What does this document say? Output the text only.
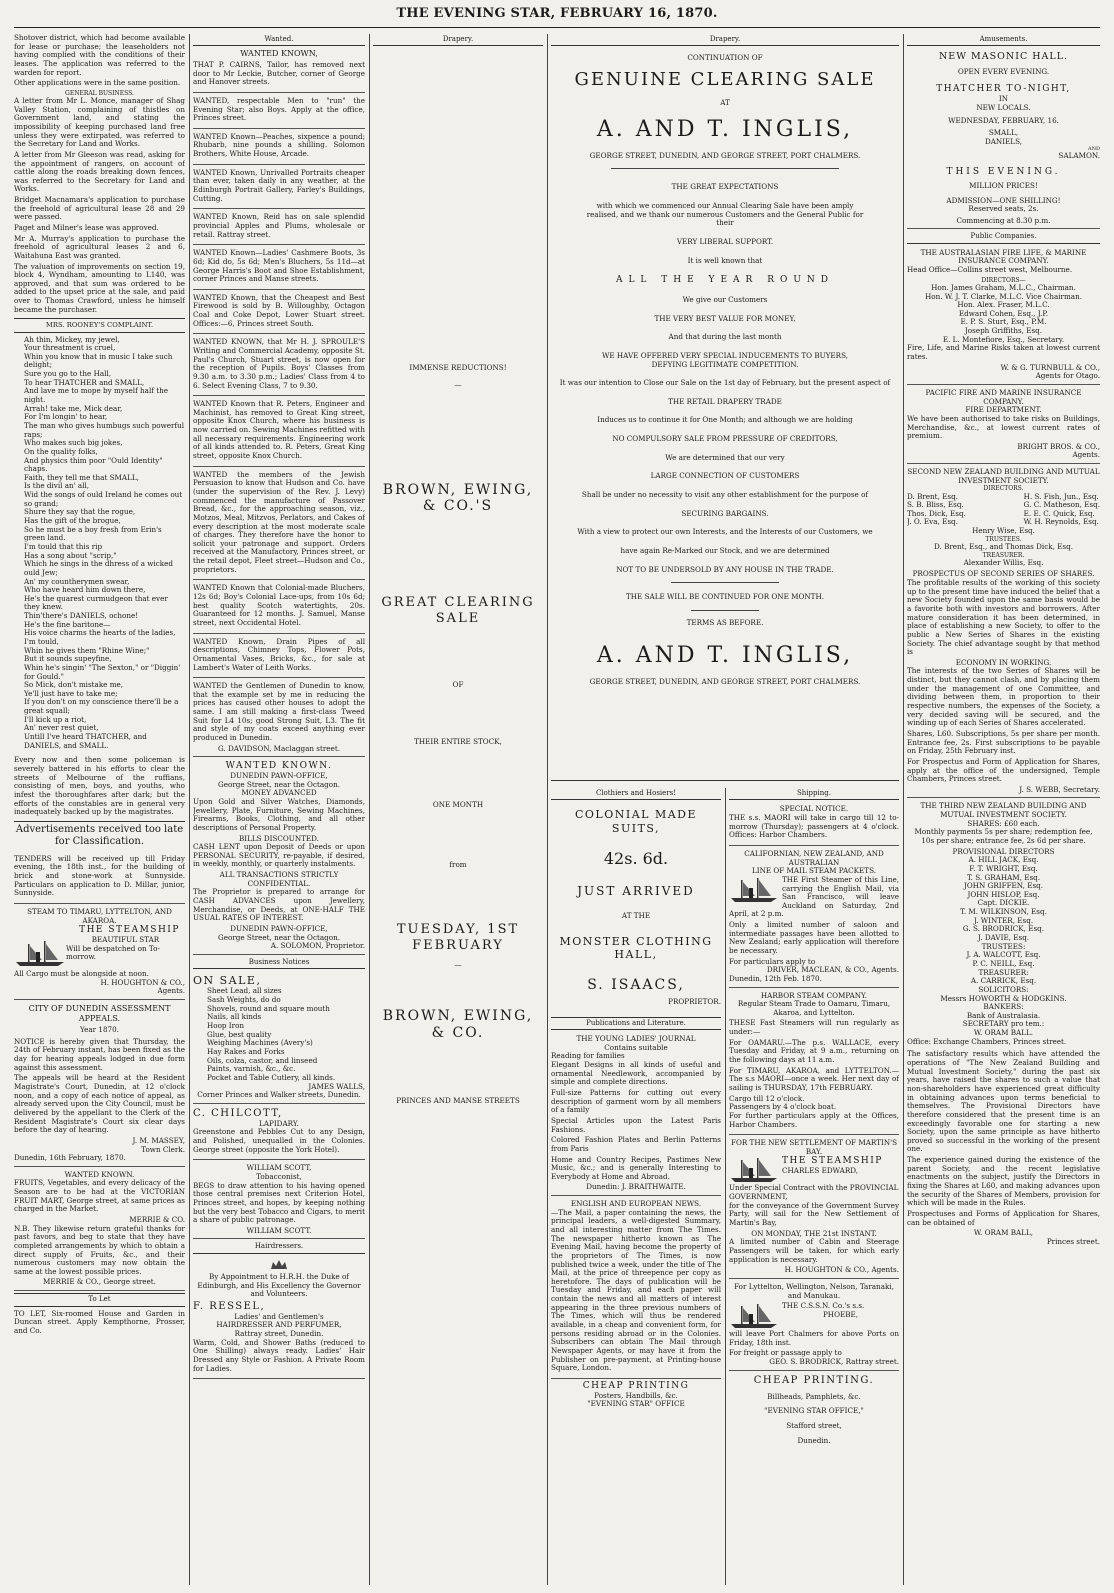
THE EVENING STAR, FEBRUARY 16, 1870.

Shotover district, which had become available for lease or purchase; the leaseholders not having complied with the conditions of their leases. The application was referred to the warden for report.

Other applications were in the same position.

GENERAL BUSINESS.

A letter from Mr L. Monce, manager of Shag Valley Station, complaining of thistles on Government land, and stating the impossibility of keeping purchased land free unless they were extirpated, was referred to the Secretary for Land and Works.

A letter from Mr Gleeson was read, asking for the appointment of rangers, on account of cattle along the roads breaking down fences, was referred to the Secretary for Land and Works.

Bridget Macnamara's application to purchase the freehold of agricultural lease 28 and 29 were passed.

Paget and Milner's lease was approved.

Mr A. Murray's application to purchase the freehold of agricultural leases 2 and 6, Waitahuna East was granted.

The valuation of improvements on section 19, block 4, Wyndham, amounting to L140, was approved, and that sum was ordered to be added to the upset price at the sale, and paid over to Thomas Crawford, unless he himself became the purchaser.

MRS. ROONEY'S COMPLAINT.
Ah thin, Mickey, my jewel,
Your threatment is cruel,
Whin you know that in music I take such delight;
Sure you go to the Hall,
To hear THATCHER and SMALL,
And lave me to mope by myself half the night.
Arrah! take me, Mick dear,
For I'm longin' to hear,
The man who gives humbugs such powerful raps;
Who makes such big jokes,
On the quality folks,
And physics thim poor "Ould Identity" chaps.
Faith, they tell me that SMALL,
Is the divil an' all,
Wid the songs of ould Ireland he comes out so grand;
Shure they say that the rogue,
Has the gift of the brogue,
So he must be a boy fresh from Erin's green land.
I'm tould that this rip
Has a song about "scrip,"
Which he sings in the dhress of a wicked ould Jew;
An' my countherymen swear,
Who have heard him down there,
He's the quarest curmudgeon that ever they knew.
Thin'there's DANIELS, ochone!
He's the fine baritone—
His voice charms the hearts of the ladies, I'm tould,
Whin he gives them "Rhine Wine;"
But it sounds supeyfine,
Whin he's singin' "The Sexton," or "Diggin' for Gould."
So Mick, don't mistake me,
Ye'll just have to take me;
If you don't on my conscience there'll be a great squall;
I'll kick up a riot,
An' never rest quiet,
Untill I've heard THATCHER, and DANIELS, and SMALL.

Every now and then some policeman is severely battered in his efforts to clear the streets of Melbourne of the ruffians, consisting of men, boys, and youths, who infest the thoroughfares after dark; but the efforts of the constables are in general very inadequately backed up by the magistrates.

Advertisements received too late for Classification.

TENDERS will be received up till Friday evening, the 18th inst., for the building of brick and stone-work at Sunnyside. Particulars on application to D. Millar, junior, Sunnyside.

STEAM TO TIMARU, LYTTELTON, AND AKAROA.
THE STEAMSHIP
BEAUTIFUL STAR
Will be despatched on To-morrow.
All Cargo must be alongside at noon.
H. HOUGHTON & CO.,
Agents.
CITY OF DUNEDIN ASSESSMENT APPEALS.
Year 1870.

NOTICE is hereby given that Thursday, the 24th of February instant, has been fixed as the day for hearing appeals lodged in due form against this assessment.

The appeals will be heard at the Resident Magistrate's Court, Dunedin, at 12 o'clock noon, and a copy of each notice of appeal, as already served upon the City Council, must be delivered by the appellant to the Clerk of the Resident Magistrate's Court six clear days before the day of hearing.

J. M. MASSEY,
Town Clerk.
Dunedin, 16th February, 1870.
WANTED KNOWN.

FRUITS, Vegetables, and every delicacy of the Season are to be had at the VICTORIAN FRUIT MART, George street, at same prices as charged in the Market.

MERRIE & CO.

N.B. They likewise return grateful thanks for past favors, and beg to state that they have completed arrangements by which to obtain a direct supply of Fruits, &c., and their numerous customers may now obtain the same at the lowest possible prices.

MERRIE & CO., George street.
To Let

TO LET, Six-roomed House and Garden in Duncan street. Apply Kempthorne, Prosser, and Co.

Wanted.
WANTED KNOWN,

THAT P. CAIRNS, Tailor, has removed next door to Mr Leckie, Butcher, corner of George and Hanover streets.

WANTED, respectable Men to "run" the Evening Star; also Boys. Apply at the office, Princes street.

WANTED Known—Peaches, sixpence a pound; Rhubarb, nine pounds a shilling. Solomon Brothers, White House, Arcade.

WANTED Known, Unrivalled Portraits cheaper than ever, taken daily in any weather, at the Edinburgh Portrait Gallery, Farley's Buildings, Cutting.

WANTED Known, Reid has on sale splendid provincial Apples and Plums, wholesale or retail. Rattray street.

WANTED Known—Ladies' Cashmere Boots, 3s 6d; Kid do, 5s 6d; Men's Bluchers, 5s 11d—at George Harris's Boot and Shoe Establishment, corner Princes and Manse streets.

WANTED Known, that the Cheapest and Best Firewood is sold by B. Willoughby, Octagon Coal and Coke Depot, Lower Stuart street. Offices:—6, Princes street South.

WANTED KNOWN, that Mr H. J. SPROULE'S Writing and Commercial Academy, opposite St. Paul's Church, Stuart street, is now open for the reception of Pupils. Boys' Classes from 9.30 a.m. to 3.30 p.m.; Ladies' Class from 4 to 6. Select Evening Class, 7 to 9.30.

WANTED Known that R. Peters, Engineer and Machinist, has removed to Great King street, opposite Knox Church, where his business is now carried on. Sewing Machines refitted with all necessary requirements. Engineering work of all kinds attended to. R. Peters, Great King street, opposite Knox Church.

WANTED the members of the Jewish Persuasion to know that Hudson and Co. have (under the supervision of the Rev. J. Levy) commenced the manufacture of Passover Bread, &c., for the approaching season, viz., Motzos, Meal, Mitzvos, Perlators, and Cakes of every description at the most moderate scale of charges. They therefore have the honor to solicit your patronage and support. Orders received at the Manufactory, Princes street, or the retail depot, Fleet street—Hudson and Co., proprietors.

WANTED Known that Colonial-made Bluchers, 12s 6d; Boy's Colonial Lace-ups, from 10s 6d; best quality Scotch watertights, 20s. Guaranteed for 12 months. J. Samuel, Manse street, next Occidental Hotel.

WANTED Known, Drain Pipes of all descriptions, Chimney Tops, Flower Pots, Ornamental Vases, Bricks, &c., for sale at Lambert's Water of Leith Works.

WANTED the Gentlemen of Dunedin to know, that the example set by me in reducing the prices has caused other houses to adopt the same. I am still making a first-class Tweed Suit for L4 10s; good Strong Suit, L3. The fit and style of my coats exceed anything ever produced in Dunedin.

G. DAVIDSON, Maclaggan street.
WANTED KNOWN.
DUNEDIN PAWN-OFFICE,
George Street, near the Octagon.
MONEY ADVANCED

Upon Gold and Silver Watches, Diamonds, Jewellery, Plate, Furniture, Sewing Machines, Firearms, Books, Clothing, and all other descriptions of Personal Property.

BILLS DISCOUNTED.

CASH LENT upon Deposit of Deeds or upon PERSONAL SECURITY, re-payable, if desired, in weekly, monthly, or quarterly instalments.

ALL TRANSACTIONS STRICTLY CONFIDENTIAL.

The Proprietor is prepared to arrange for CASH ADVANCES upon Jewellery, Merchandise, or Deeds, at ONE-HALF THE USUAL RATES OF INTEREST.

DUNEDIN PAWN-OFFICE,
George Street, near the Octagon.
A. SOLOMON, Proprietor.
Business Notices
ON SALE,
Sheet Lead, all sizes
Sash Weights, do do
Shovels, round and square mouth
Nails, all kinds
Hoop Iron
Glue, best quality
Weighing Machines (Avery's)
Hay Rakes and Forks
Oils, colza, castor, and linseed
Paints, varnish, &c., &c.
Pocket and Table Cutlery, all kinds.
JAMES WALLS,
Corner Princes and Walker streets, Dunedin.
C. CHILCOTT,
LAPIDARY.

Greenstone and Pebbles Cut to any Design, and Polished, unequalled in the Colonies. George street (opposite the York Hotel).

WILLIAM SCOTT,
Tobacconist,

BEGS to draw attention to his having opened those central premises next Criterion Hotel, Princes street, and hopes, by keeping nothing but the very best Tobacco and Cigars, to merit a share of public patronage.

WILLIAM SCOTT.
Hairdressers.

By Appointment to H.R.H. the Duke of Edinburgh, and His Excellency the Governor and Volunteers.

F. RESSEL,
Ladies' and Gentlemen's
HAIRDRESSER AND PERFUMER,
Rattray street, Dunedin.

Warm, Cold, and Shower Baths (reduced to One Shilling) always ready. Ladies' Hair Dressed any Style or Fashion. A Private Room for Ladies.

Drapery.
IMMENSE REDUCTIONS!
—
BROWN, EWING, & CO.'S
GREAT CLEARING SALE
OF
THEIR ENTIRE STOCK,
ONE MONTH
from
TUESDAY, 1ST FEBRUARY
—
BROWN, EWING, & CO.
PRINCES AND MANSE STREETS
Drapery.
CONTINUATION OF
GENUINE CLEARING SALE
AT
A. AND T. INGLIS,
GEORGE STREET, DUNEDIN, AND GEORGE STREET, PORT CHALMERS.
THE GREAT EXPECTATIONS
with which we commenced our Annual Clearing Sale have been amply realised, and we thank our numerous Customers and the General Public for their
VERY LIBERAL SUPPORT.
It is well known that
ALL THE YEAR ROUND
We give our Customers
THE VERY BEST VALUE FOR MONEY,
And that during the last month
WE HAVE OFFERED VERY SPECIAL INDUCEMENTS TO BUYERS, DEFYING LEGITIMATE COMPETITION.
It was our intention to Close our Sale on the 1st day of February, but the present aspect of
THE RETAIL DRAPERY TRADE
Induces us to continue it for One Month; and although we are holding
NO COMPULSORY SALE FROM PRESSURE OF CREDITORS,
We are determined that our very
LARGE CONNECTION OF CUSTOMERS
Shall be under no necessity to visit any other establishment for the purpose of
SECURING BARGAINS.
With a view to protect our own Interests, and the Interests of our Customers, we
have again Re-Marked our Stock, and we are determined
NOT TO BE UNDERSOLD BY ANY HOUSE IN THE TRADE.
THE SALE WILL BE CONTINUED FOR ONE MONTH.
TERMS AS BEFORE.
A. AND T. INGLIS,
GEORGE STREET, DUNEDIN, AND GEORGE STREET, PORT CHALMERS.
Clothiers and Hosiers!
COLONIAL MADE SUITS,
42s. 6d.
JUST ARRIVED
AT THE
MONSTER CLOTHING HALL,
S. ISAACS,
PROPRIETOR.
Publications and Literature.
THE YOUNG LADIES' JOURNAL
Contains suitable
Reading for families

Elegant Designs in all kinds of useful and ornamental Needlework, accompanied by simple and complete directions.

Full-size Patterns for cutting out every description of garment worn by all members of a family

Special Articles upon the Latest Paris Fashions.

Colored Fashion Plates and Berlin Patterns from Paris

Home and Country Recipes, Pastimes New Music, &c.; and is generally Interesting to Everybody at Home and Abroad.

Dunedin: J. BRAITHWAITE.
ENGLISH AND EUROPEAN NEWS.

—The Mail, a paper containing the news, the principal leaders, a well-digested Summary, and all interesting matter from The Times. The newspaper hitherto known as The Evening Mail, having become the property of the proprietors of The Times, is now published twice a week, under the title of The Mail, at the price of threepence per copy as heretofore. The days of publication will be Tuesday and Friday, and each paper will contain the news and all matters of interest appearing in the three previous numbers of The Times, which will thus be rendered available, in a cheap and convenient form, for persons residing abroad or in the Colonies. Subscribers can obtain The Mail through Newspaper Agents, or may have it from the Publisher on pre-payment, at Printing-house Square, London.

CHEAP PRINTING
Posters, Handbills, &c.
"EVENING STAR" OFFICE
Shipping.
SPECIAL NOTICE.

THE s.s. MAORI will take in cargo till 12 to-morrow (Thursday); passengers at 4 o'clock. Offices: Harbor Chambers.

CALIFORNIAN, NEW ZEALAND, AND AUSTRALIAN
LINE OF MAIL STEAM PACKETS.

THE First Steamer of this Line, carrying the English Mail, via San Francisco, will leave Auckland on Saturday, 2nd April, at 2 p.m.

Only a limited number of saloon and intermediate passages have been allotted to New Zealand; early application will therefore be necessary.

For particulars apply to
DRIVER, MACLEAN, & CO., Agents.
Dunedin, 12th Feb. 1870.
HARBOR STEAM COMPANY.

Regular Steam Trade to Oamaru, Timaru, Akaroa, and Lyttelton.

THESE Fast Steamers will run regularly as under:—

For OAMARU.—The p.s. WALLACE, every Tuesday and Friday, at 9 a.m., returning on the following days at 11 a.m.

For TIMARU, AKAROA, and LYTTELTON.—The s.s MAORI—once a week. Her next day of sailing is THURSDAY, 17th FEBRUARY.

Cargo till 12 o'clock.
Passengers by 4 o'clock boat.

For further particulars apply at the Offices, Harbor Chambers.

FOR THE NEW SETTLEMENT OF MARTIN'S BAY.
THE STEAMSHIP
CHARLES EDWARD,
Under Special Contract with the PROVINCIAL GOVERNMENT,

for the conveyance of the Government Survey Party, will sail for the New Settlement of Martin's Bay,

ON MONDAY, THE 21st INSTANT.

A limited number of Cabin and Steerage Passengers will be taken, for which early application is necessary.

H. HOUGHTON & CO., Agents.

For Lyttelton, Wellington, Nelson, Taranaki, and Manukau.

THE C.S.S.N. Co.'s s.s.
PHOEBE,

will leave Port Chalmers for above Ports on Friday, 18th inst.

For freight or passage apply to
GEO. S. BRODRICK, Rattray street.
CHEAP PRINTING.
Billheads, Pamphlets, &c.
"EVENING STAR OFFICE,"
Stafford street,
Dunedin.
Amusements.
NEW MASONIC HALL.
OPEN EVERY EVENING.
THATCHER TO-NIGHT,
IN
NEW LOCALS.
WEDNESDAY, FEBRUARY, 16.
SMALL,
DANIELS,
AND
SALAMON.
THIS EVENING.
MILLION PRICES!
ADMISSION—ONE SHILLING!
Reserved seats, 2s.
Commencing at 8.30 p.m.
Public Companies.
THE AUSTRALASIAN FIRE LIFE, & MARINE INSURANCE COMPANY.

Head Office—Collins street west, Melbourne.

DIRECTORS—
Hon. James Graham, M.L.C., Chairman.
Hon. W. J. T. Clarke, M.L.C. Vice Chairman.
Hon. Alex. Fraser, M.L.C.
Edward Cohen, Esq., J.P.
E. P. S. Sturt, Esq., P.M.
Joseph Griffiths, Esq.
E. L. Montefiore, Esq., Secretary.

Fire, Life, and Marine Risks taken at lowest current rates.

W. & G. TURNBULL & CO.,
Agents for Otago.
PACIFIC FIRE AND MARINE INSURANCE COMPANY.
FIRE DEPARTMENT.

We have been authorised to take risks on Buildings, Merchandise, &c., at lowest current rates of premium.

BRIGHT BROS. & CO.,
Agents.
SECOND NEW ZEALAND BUILDING AND MUTUAL INVESTMENT SOCIETY.
DIRECTORS.
D. Brent, Esq.
S. B. Bliss, Esq.
Thos. Dick, Esq.
J. O. Eva, Esq.
H. S. Fish, Jun., Esq.
G. C. Matheson, Esq.
E. E. C. Quick, Esq.
W. H. Reynolds, Esq.
Henry Wise, Esq.
TRUSTEES.
D. Brent, Esq., and Thomas Dick, Esq.
TREASURER.
Alexander Willis, Esq.
PROSPECTUS OF SECOND SERIES OF SHARES.

The profitable results of the working of this society up to the present time have induced the belief that a new Society founded upon the same basis would be a favorite both with investors and borrowers. After mature consideration it has been determined, in place of establishing a new Society, to offer to the public a New Series of Shares in the existing Society. The chief advantage sought by that method is

ECONOMY IN WORKING.

The interests of the two Series of Shares will be distinct, but they cannot clash, and by placing them under the management of one Committee, and dividing between them, in proportion to their respective numbers, the expenses of the Society, a very decided saving will be secured, and the winding up of each Series of Shares accelerated.

Shares, L60. Subscriptions, 5s per share per month. Entrance fee, 2s. First subscriptions to be payable on Friday, 25th February inst.

For Prospectus and Form of Application for Shares, apply at the office of the undersigned, Temple Chambers, Princes street.

J. S. WEBB, Secretary.
THE THIRD NEW ZEALAND BUILDING AND MUTUAL INVESTMENT SOCIETY.
SHARES: £60 each.

Monthly payments 5s per share; redemption fee, 10s per share; entrance fee, 2s 6d per share.

PROVISIONAL DIRECTORS
A. HILL JACK, Esq.
F. T. WRIGHT, Esq.
T. S. GRAHAM, Esq.
JOHN GRIFFEN, Esq.
JOHN HISLOP, Esq.
Capt. DICKIE.
T. M. WILKINSON, Esq.
J. WINTER, Esq.
G. S. BRODRICK, Esq.
J. DAVIE, Esq.
TRUSTEES:
J. A. WALCOTT, Esq.
P. C. NEILL, Esq.
TREASURER:
A. CARRICK, Esq.
SOLICITORS:
Messrs HOWORTH & HODGKINS.
BANKERS:
Bank of Australasia.
SECRETARY pro tem.:
W. ORAM BALL.
Office: Exchange Chambers, Princes street.

The satisfactory results which have attended the operations of "The New Zealand Building and Mutual Investment Society," during the past six years, have raised the shares to such a value that non-shareholders have experienced great difficulty in obtaining advances upon terms beneficial to themselves. The Provisional Directors have therefore considered that the present time is an exceedingly favorable one for starting a new Society, upon the same principle as have hitherto proved so successful in the working of the present one.

The experience gained during the existence of the parent Society, and the recent legislative enactments on the subject, justify the Directors in fixing the Shares at L60, and making advances upon the security of the Shares of Members, provision for which will be made in the Rules.

Prospectuses and Forms of Application for Shares, can be obtained of

W. ORAM BALL,
Princes street.
